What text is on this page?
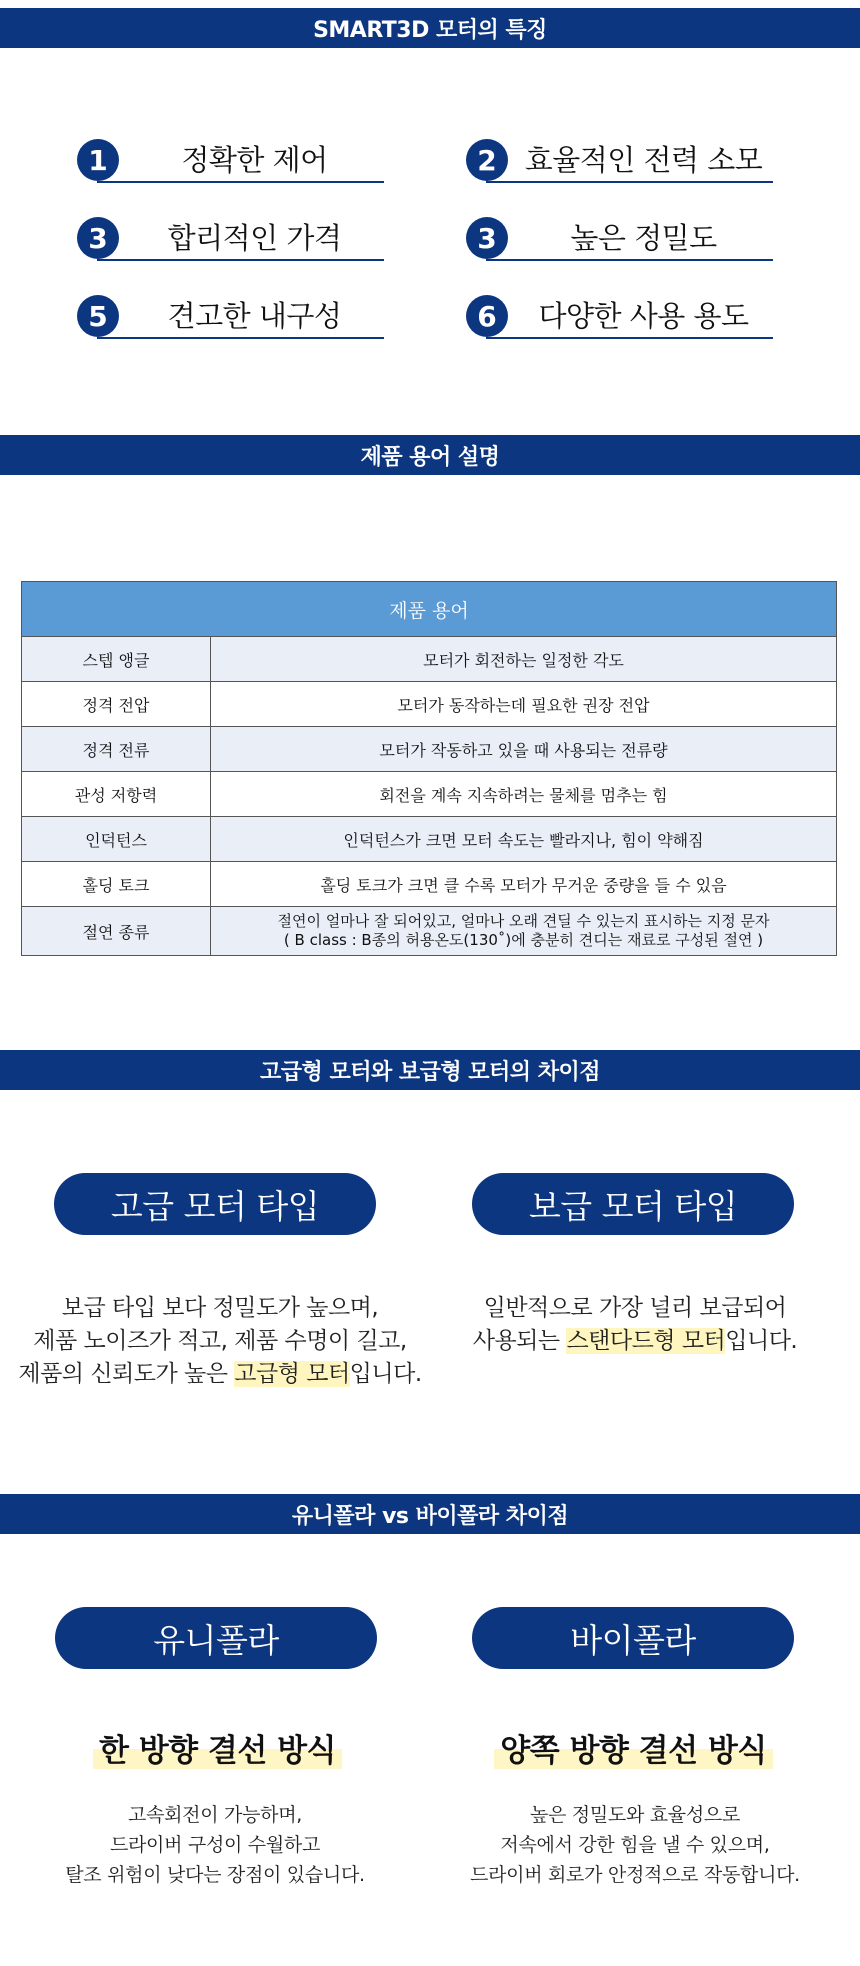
SMART3D 모터의 특징
1	정확한 제어	2 효율적인 전력 소모
3	합리적인 가격	3	높은 정밀도
5	견고한 내구성	6	다양한 사용 용도
제품 용어 설명
제품 용어	
스텝 앵글	모터가 회전하는 일정한 각도
정격 전압	모터가 동작하는데 필요한 권장 전압
정격 전류	모터가 작동하고 있을 때 사용되는 전류량
관성 저항력	회전을 계속 지속하려는 물체를 멈추는 힘
인덕턴스	인덕턴스가 크면 모터 속도는 빨라지나, 힘이 약해짐
홀딩 토크	홀딩 토크가 크면 클 수록 모터가 무거운 중량을 들 수 있음
절연 종류	절연이 얼마나 잘 되어있고, 얼마나 오래 견딜 수 있는지 표시하는 지정 문자
( B class : B종의 허용온도(130˚)에 충분히 견디는 재료로 구성된 절연 )
고급형 모터와 보급형 모터의 차이점
고급 모터 타입	보급 모터 타입
보급 타입 보다 정밀도가 높으며,
제품 노이즈가 적고, 제품 수명이 길고,
제품의 신뢰도가 높은 고급형 모터입니다.
일반적으로 가장 널리 보급되어
사용되는 스탠다드형 모터입니다.
유니폴라 vs 바이폴라 차이점
유니폴라	바이폴라
한 방향 결선 방식	양쪽 방향 결선 방식
고속회전이 가능하며,
드라이버 구성이 수월하고
탈조 위험이 낮다는 장점이 있습니다.
높은 정밀도와 효율성으로
저속에서 강한 힘을 낼 수 있으며,
드라이버 회로가 안정적으로 작동합니다.
